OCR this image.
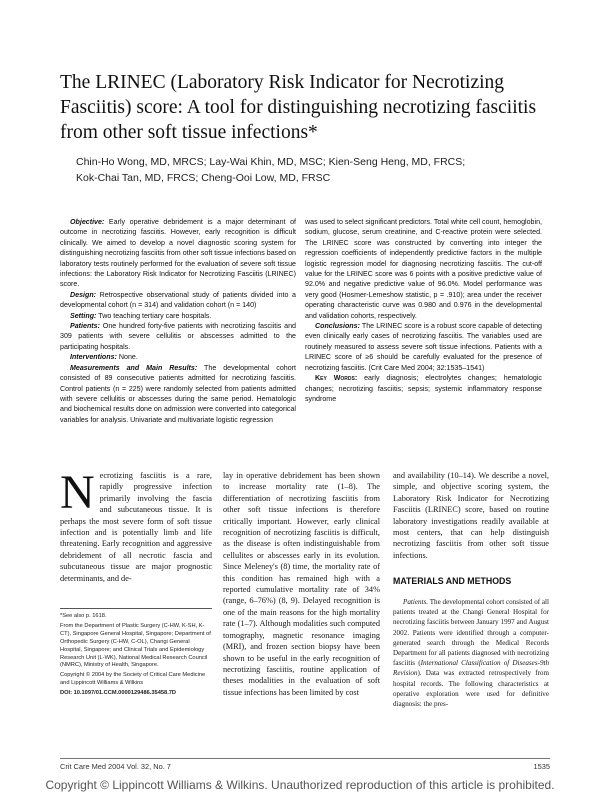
The LRINEC (Laboratory Risk Indicator for Necrotizing Fasciitis) score: A tool for distinguishing necrotizing fasciitis from other soft tissue infections*
Chin-Ho Wong, MD, MRCS; Lay-Wai Khin, MD, MSC; Kien-Seng Heng, MD, FRCS;
Kok-Chai Tan, MD, FRCS; Cheng-Ooi Low, MD, FRSC

Objective: Early operative debridement is a major determinant of outcome in necrotizing fasciitis. However, early recognition is difficult clinically. We aimed to develop a novel diagnostic scoring system for distinguishing necrotizing fasciitis from other soft tissue infections based on laboratory tests routinely performed for the evaluation of severe soft tissue infections: the Laboratory Risk Indicator for Necrotizing Fasciitis (LRINEC) score.

Design: Retrospective observational study of patients divided into a developmental cohort (n = 314) and validation cohort (n = 140)

Setting: Two teaching tertiary care hospitals.

Patients: One hundred forty-five patients with necrotizing fasciitis and 309 patients with severe cellulitis or abscesses admitted to the participating hospitals.

Interventions: None.

Measurements and Main Results: The developmental cohort consisted of 89 consecutive patients admitted for necrotizing fasciitis. Control patients (n = 225) were randomly selected from patients admitted with severe cellulitis or abscesses during the same period. Hematologic and biochemical results done on admission were converted into categorical variables for analysis. Univariate and multivariate logistic regression

was used to select significant predictors. Total white cell count, hemoglobin, sodium, glucose, serum creatinine, and C-reactive protein were selected. The LRINEC score was constructed by converting into integer the regression coefficients of independently predictive factors in the multiple logistic regression model for diagnosing necrotizing fasciitis. The cut-off value for the LRINEC score was 6 points with a positive predictive value of 92.0% and negative predictive value of 96.0%. Model performance was very good (Hosmer-Lemeshow statistic, p = .910); area under the receiver operating characteristic curve was 0.980 and 0.976 in the developmental and validation cohorts, respectively.

Conclusions: The LRINEC score is a robust score capable of detecting even clinically early cases of necrotizing fasciitis. The variables used are routinely measured to assess severe soft tissue infections. Patients with a LRINEC score of ≥6 should be carefully evaluated for the presence of necrotizing fasciitis. (Crit Care Med 2004; 32:1535–1541)

Key Words: early diagnosis; electrolytes changes; hematologic changes; necrotizing fasciitis; sepsis; systemic inflammatory response syndrome

Necrotizing fasciitis is a rare, rapidly progressive infection primarily involving the fascia and subcutaneous tissue. It is perhaps the most severe form of soft tissue infection and is potentially limb and life threatening. Early recognition and aggressive debridement of all necrotic fascia and subcutaneous tissue are major prognostic determinants, and de-

*See also p. 1618.

From the Department of Plastic Surgery (C-HW, K-SH, K-CT), Singapore General Hospital, Singapore; Department of Orthopedic Surgery (C-HW, C-OL), Changi General Hospital, Singapore; and Clinical Trials and Epidemiology Research Unit (L-WK), National Medical Research Council (NMRC), Ministry of Health, Singapore.

Copyright © 2004 by the Society of Critical Care Medicine and Lippincott Williams & Wilkins

DOI: 10.1097/01.CCM.0000129486.35458.7D

lay in operative debridement has been shown to increase mortality rate (1–8). The differentiation of necrotizing fasciitis from other soft tissue infections is therefore critically important. However, early clinical recognition of necrotizing fasciitis is difficult, as the disease is often indistinguishable from cellulites or abscesses early in its evolution. Since Meleney's (8) time, the mortality rate of this condition has remained high with a reported cumulative mortality rate of 34% (range, 6–76%) (8, 9). Delayed recognition is one of the main reasons for the high mortality rate (1–7). Although modalities such computed tomography, magnetic resonance imaging (MRI), and frozen section biopsy have been shown to be useful in the early recognition of necrotizing fasciitis, routine application of theses modalities in the evaluation of soft tissue infections has been limited by cost

and availability (10–14). We describe a novel, simple, and objective scoring system, the Laboratory Risk Indicator for Necrotizing Fasciitis (LRINEC) score, based on routine laboratory investigations readily available at most centers, that can help distinguish necrotizing fasciitis from other soft tissue infections.

MATERIALS AND METHODS

Patients. The developmental cohort consisted of all patients treated at the Changi General Hospital for necrotizing fasciitis between January 1997 and August 2002. Patients were identified through a computer-generated search through the Medical Records Department for all patients diagnosed with necrotizing fasciitis (International Classification of Diseases-9th Revision). Data was extracted retrospectively from hospital records. The following characteristics at operative exploration were used for definitive diagnosis: the pres-

Crit Care Med 2004 Vol. 32, No. 7	1535
Copyright © Lippincott Williams & Wilkins. Unauthorized reproduction of this article is prohibited.
